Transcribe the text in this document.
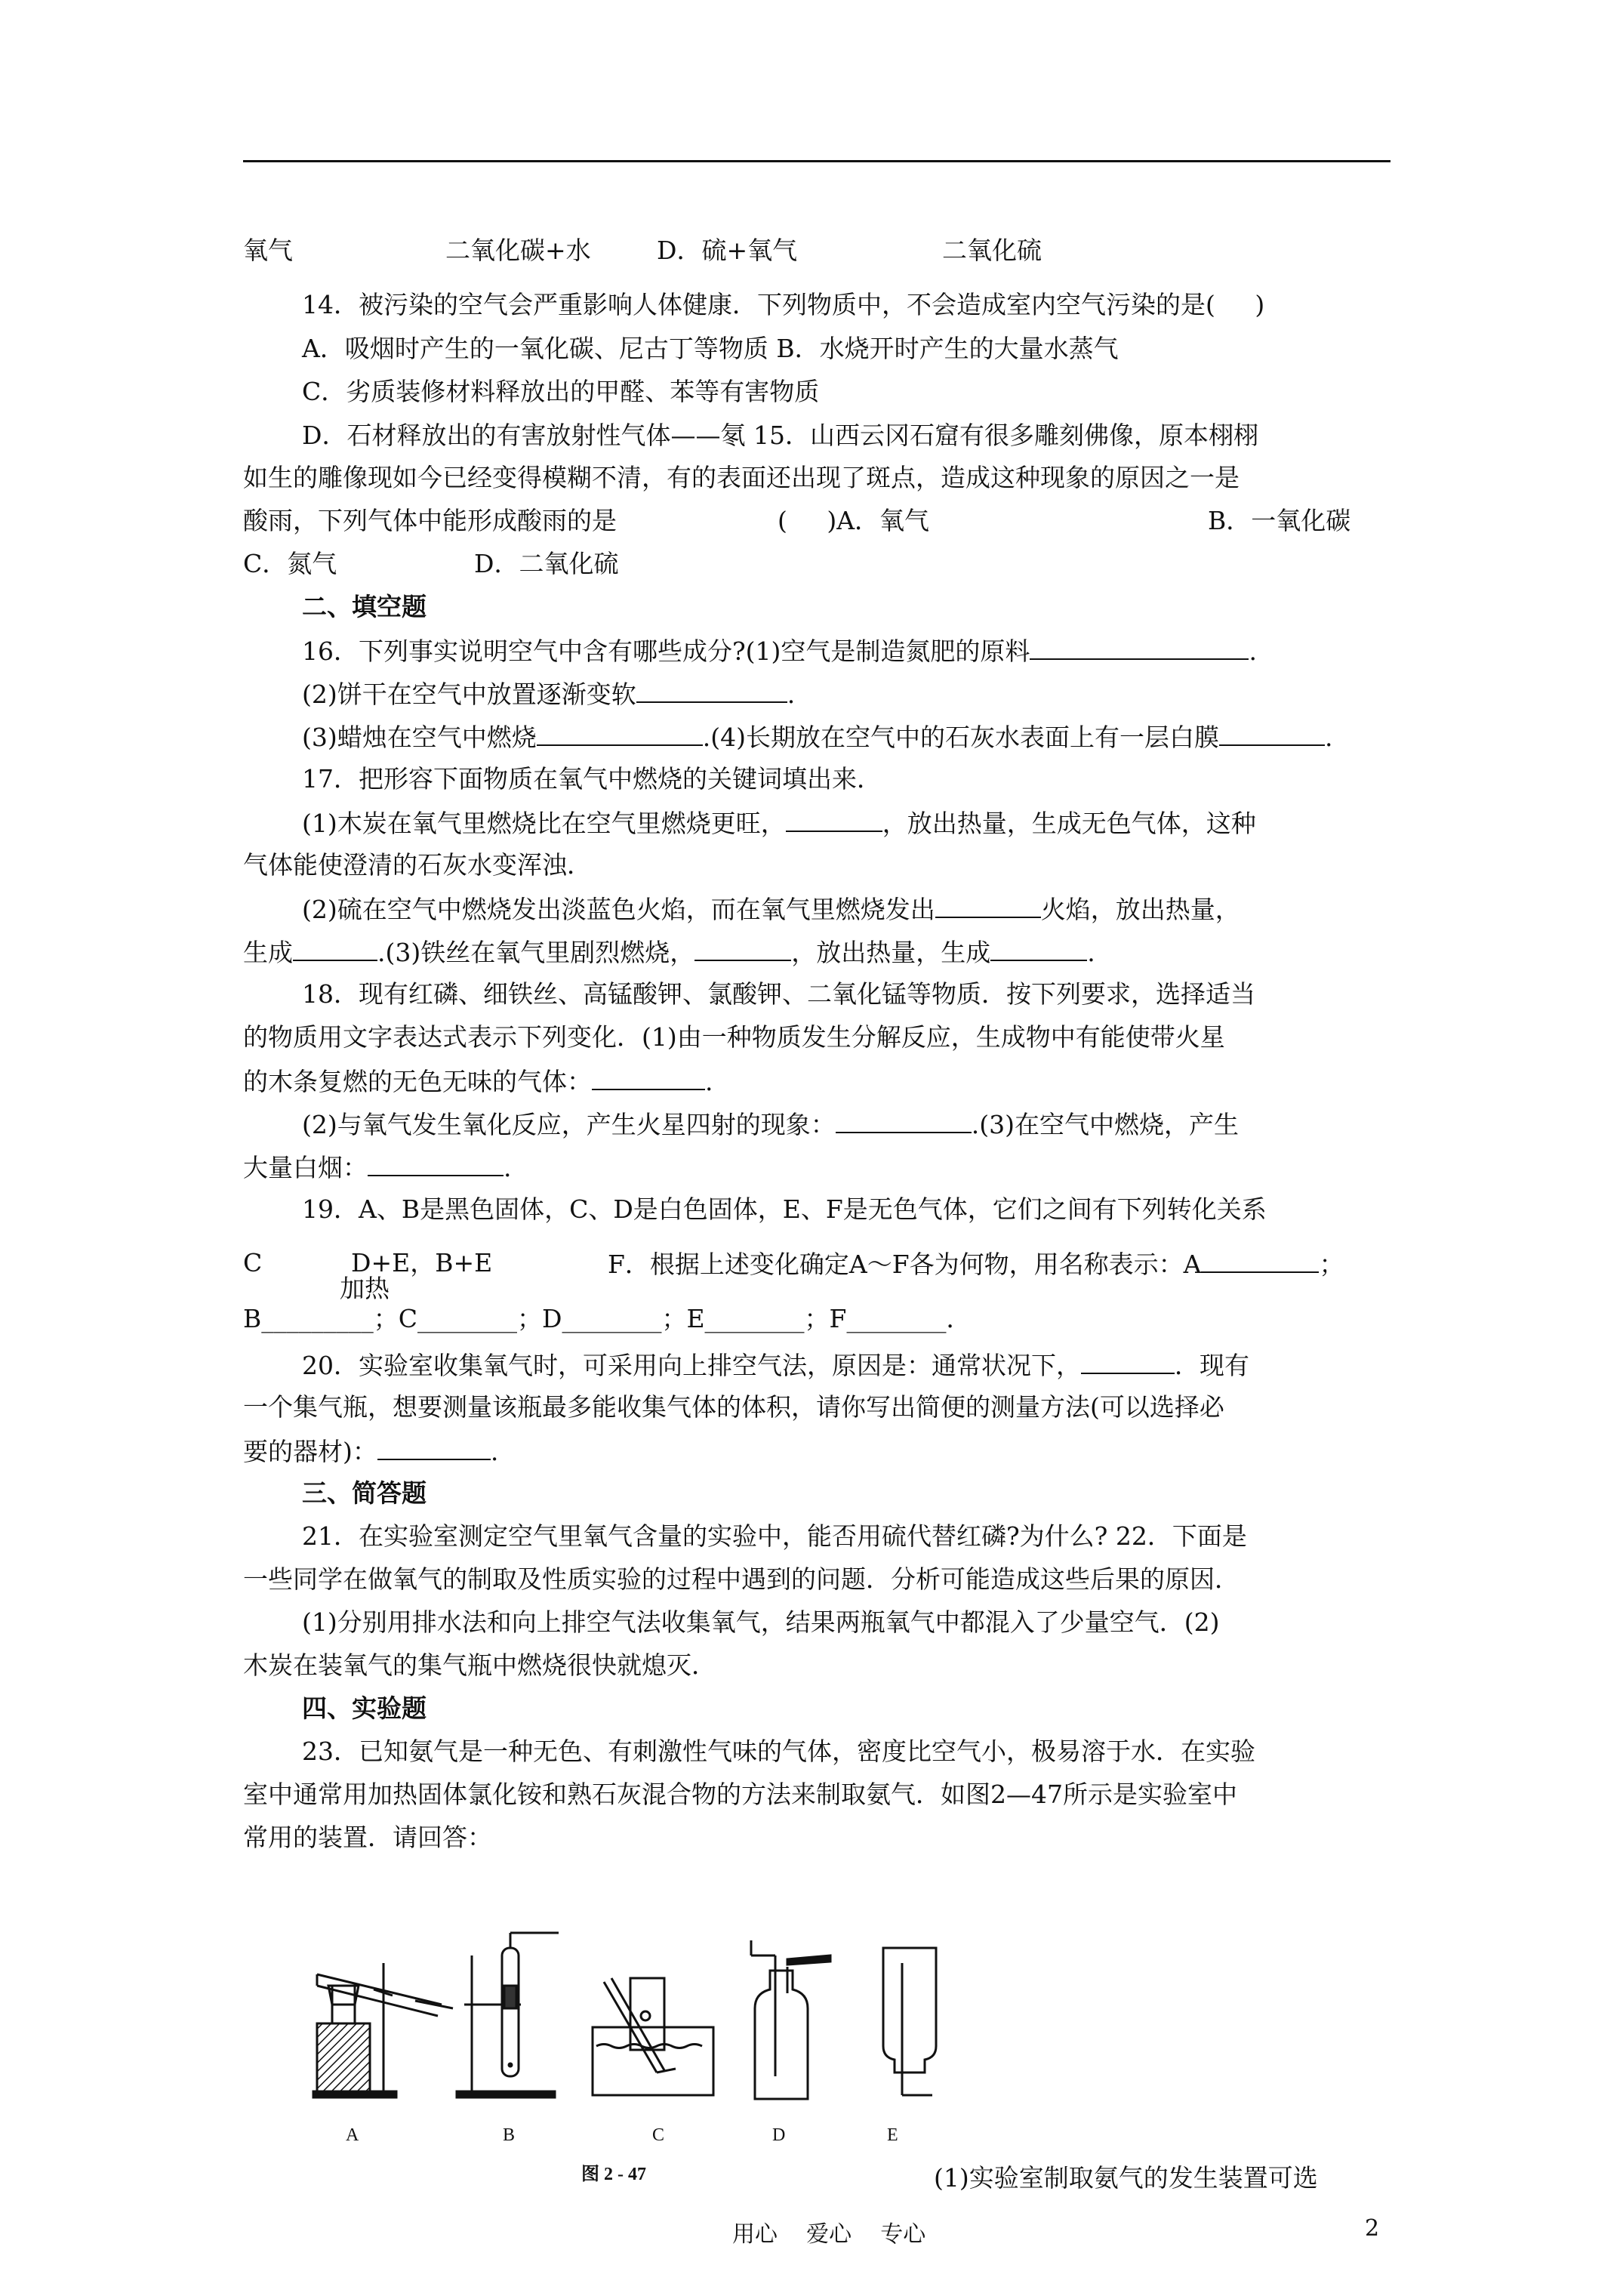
氧气	二氧化碳+水	D．硫+氧气	二氧化硫
14．被污染的空气会严重影响人体健康．下列物质中，不会造成室内空气污染的是(     )
A．吸烟时产生的一氧化碳、尼古丁等物质 B．水烧开时产生的大量水蒸气
C．劣质装修材料释放出的甲醛、苯等有害物质
D．石材释放出的有害放射性气体——氡 15．山西云冈石窟有很多雕刻佛像，原本栩栩
如生的雕像现如今已经变得模糊不清，有的表面还出现了斑点，造成这种现象的原因之一是
酸雨，下列气体中能形成酸雨的是	(     )A．氧气	B．一氧化碳
C．氮气	D．二氧化硫
二、填空题
16．下列事实说明空气中含有哪些成分?(1)空气是制造氮肥的原料	.
(2)饼干在空气中放置逐渐变软	.
(3)蜡烛在空气中燃烧	.(4)长期放在空气中的石灰水表面上有一层白膜	.
17．把形容下面物质在氧气中燃烧的关键词填出来．
(1)木炭在氧气里燃烧比在空气里燃烧更旺，	，放出热量，生成无色气体，这种
气体能使澄清的石灰水变浑浊．
(2)硫在空气中燃烧发出淡蓝色火焰，而在氧气里燃烧发出	火焰，放出热量，
生成	.(3)铁丝在氧气里剧烈燃烧，	，放出热量，生成	.
18．现有红磷、细铁丝、高锰酸钾、氯酸钾、二氧化锰等物质．按下列要求，选择适当
的物质用文字表达式表示下列变化．(1)由一种物质发生分解反应，生成物中有能使带火星
的木条复燃的无色无味的气体：	.
(2)与氧气发生氧化反应，产生火星四射的现象：	.(3)在空气中燃烧，产生
大量白烟：	.
19．A、B是黑色固体，C、D是白色固体，E、F是无色气体，它们之间有下列转化关系
C	D+E，B+E
加热
F．根据上述变化确定A～F各为何物，用名称表示：A	；
B_________；C________；D________；E________；F________．
20．实验室收集氧气时，可采用向上排空气法，原因是：通常状况下，	．现有
一个集气瓶，想要测量该瓶最多能收集气体的体积，请你写出简便的测量方法(可以选择必
要的器材)：	.
三、简答题
21．在实验室测定空气里氧气含量的实验中，能否用硫代替红磷?为什么? 22．下面是
一些同学在做氧气的制取及性质实验的过程中遇到的问题．分析可能造成这些后果的原因．
(1)分别用排水法和向上排空气法收集氧气，结果两瓶氧气中都混入了少量空气．(2)
木炭在装氧气的集气瓶中燃烧很快就熄灭．
四、实验题
23．已知氨气是一种无色、有刺激性气味的气体，密度比空气小，极易溶于水．在实验
室中通常用加热固体氯化铵和熟石灰混合物的方法来制取氨气．如图2—47所示是实验室中
常用的装置．请回答：
A	B	C	D	E
图 2 - 47	(1)实验室制取氨气的发生装置可选
用心    爱心    专心	2
